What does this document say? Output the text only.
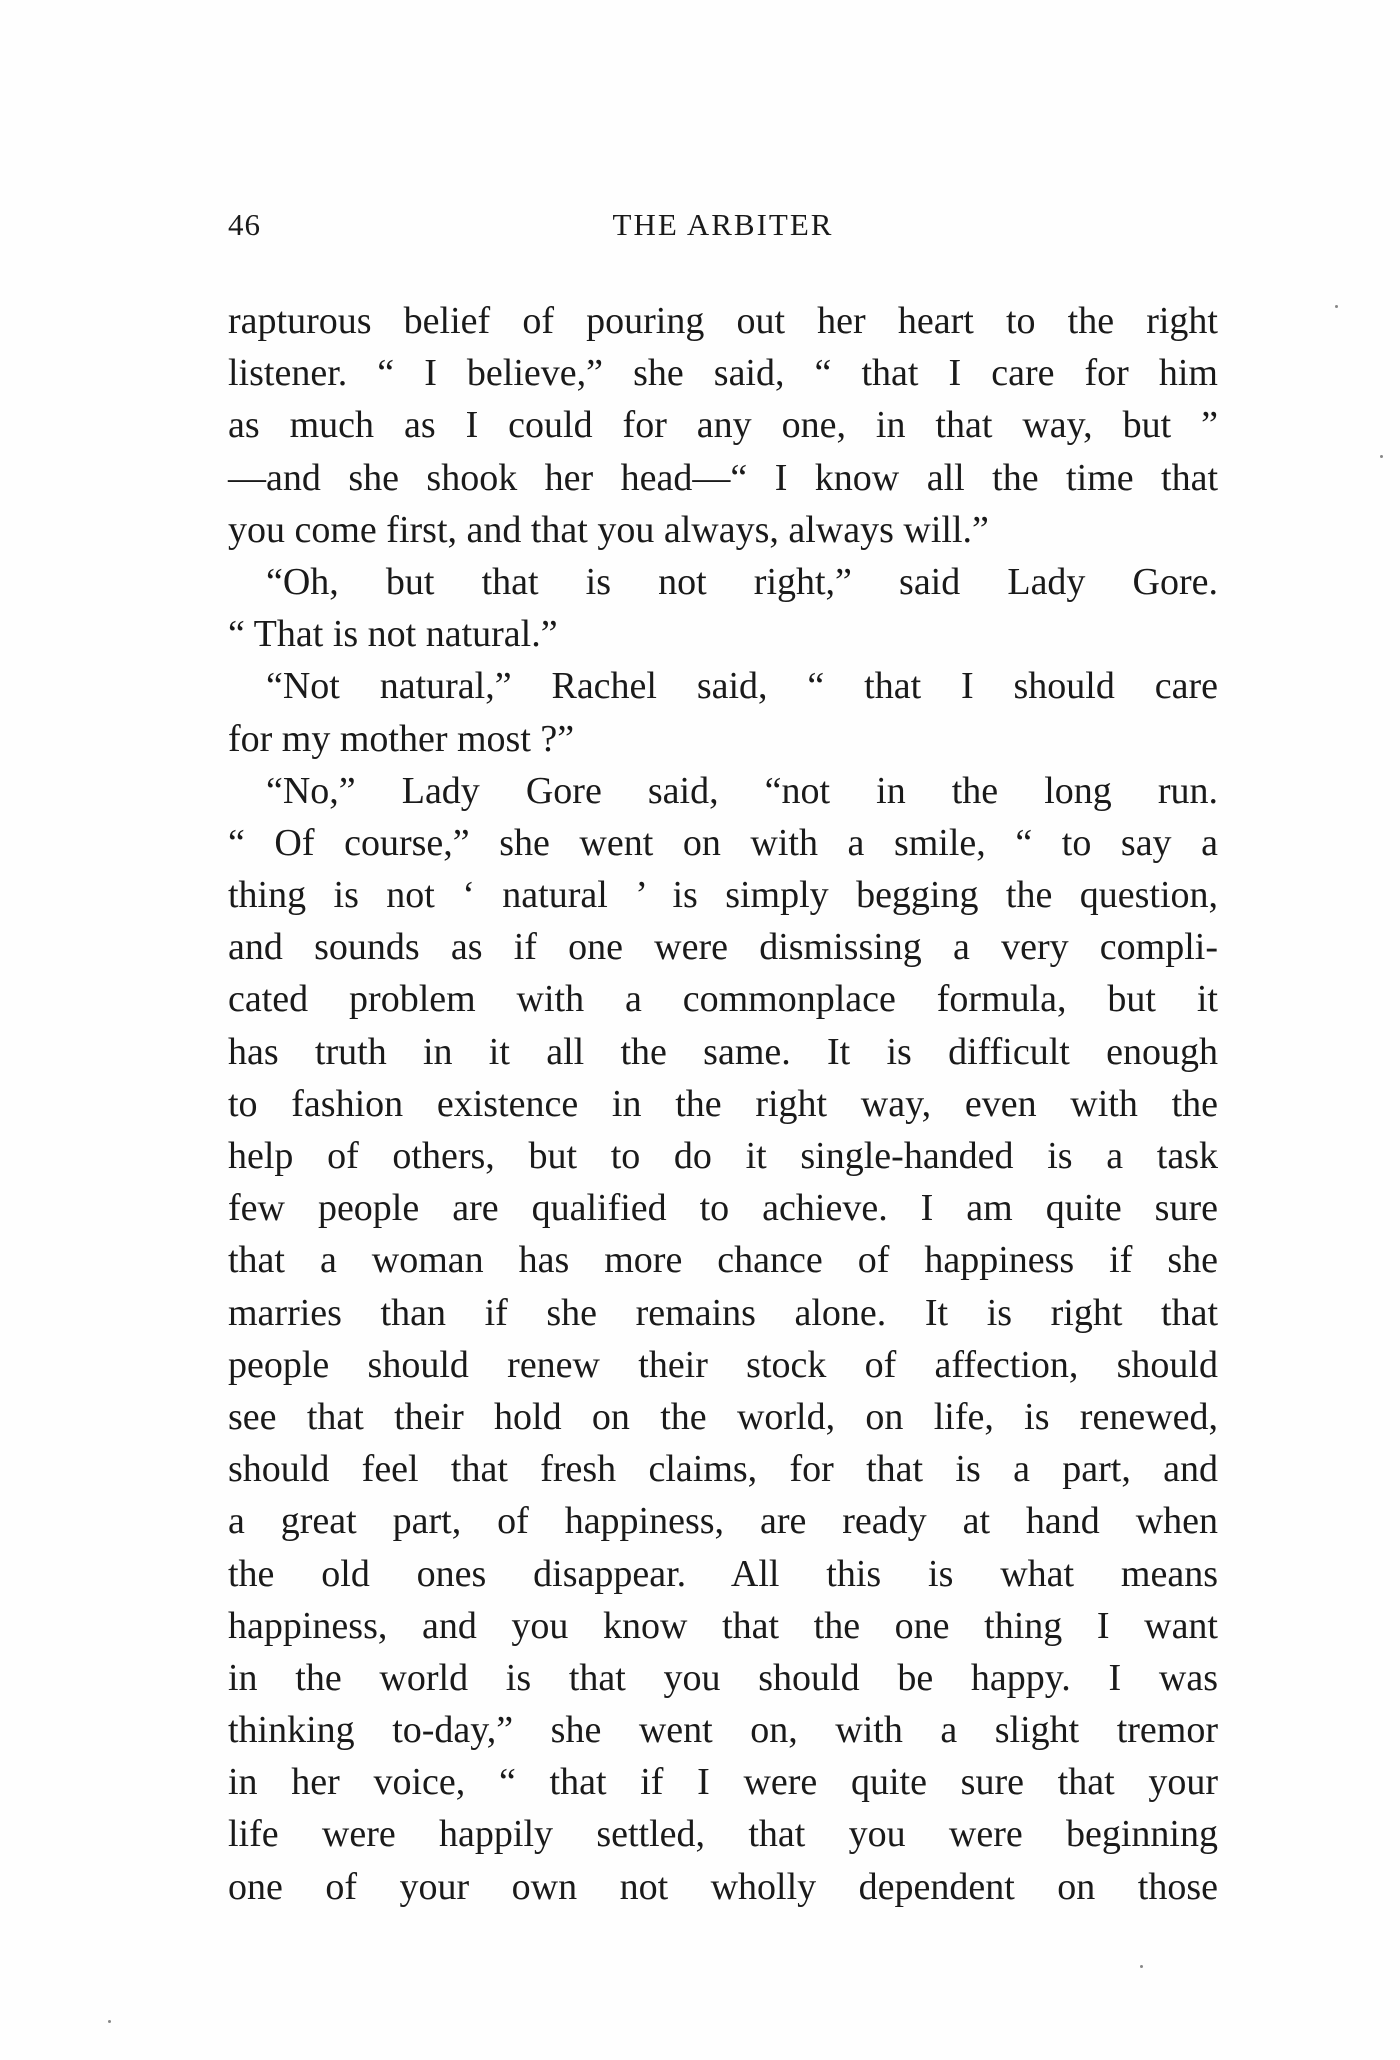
46	THE ARBITER
rapturous belief of pouring out her heart to the right
listener. “ I believe,” she said, “ that I care for him
as much as I could for any one, in that way, but ”
—and she shook her head—“ I know all the time that
you come first, and that you always, always will.”
“Oh, but that is not right,” said Lady Gore.
“ That is not natural.”
“Not natural,” Rachel said, “ that I should care
for my mother most ?”
“No,” Lady Gore said, “not in the long run.
“ Of course,” she went on with a smile, “ to say a
thing is not ‘ natural ’ is simply begging the question,
and sounds as if one were dismissing a very compli-
cated problem with a commonplace formula, but it
has truth in it all the same. It is difficult enough
to fashion existence in the right way, even with the
help of others, but to do it single-handed is a task
few people are qualified to achieve. I am quite sure
that a woman has more chance of happiness if she
marries than if she remains alone. It is right that
people should renew their stock of affection, should
see that their hold on the world, on life, is renewed,
should feel that fresh claims, for that is a part, and
a great part, of happiness, are ready at hand when
the old ones disappear. All this is what means
happiness, and you know that the one thing I want
in the world is that you should be happy. I was
thinking to-day,” she went on, with a slight tremor
in her voice, “ that if I were quite sure that your
life were happily settled, that you were beginning
one of your own not wholly dependent on those
